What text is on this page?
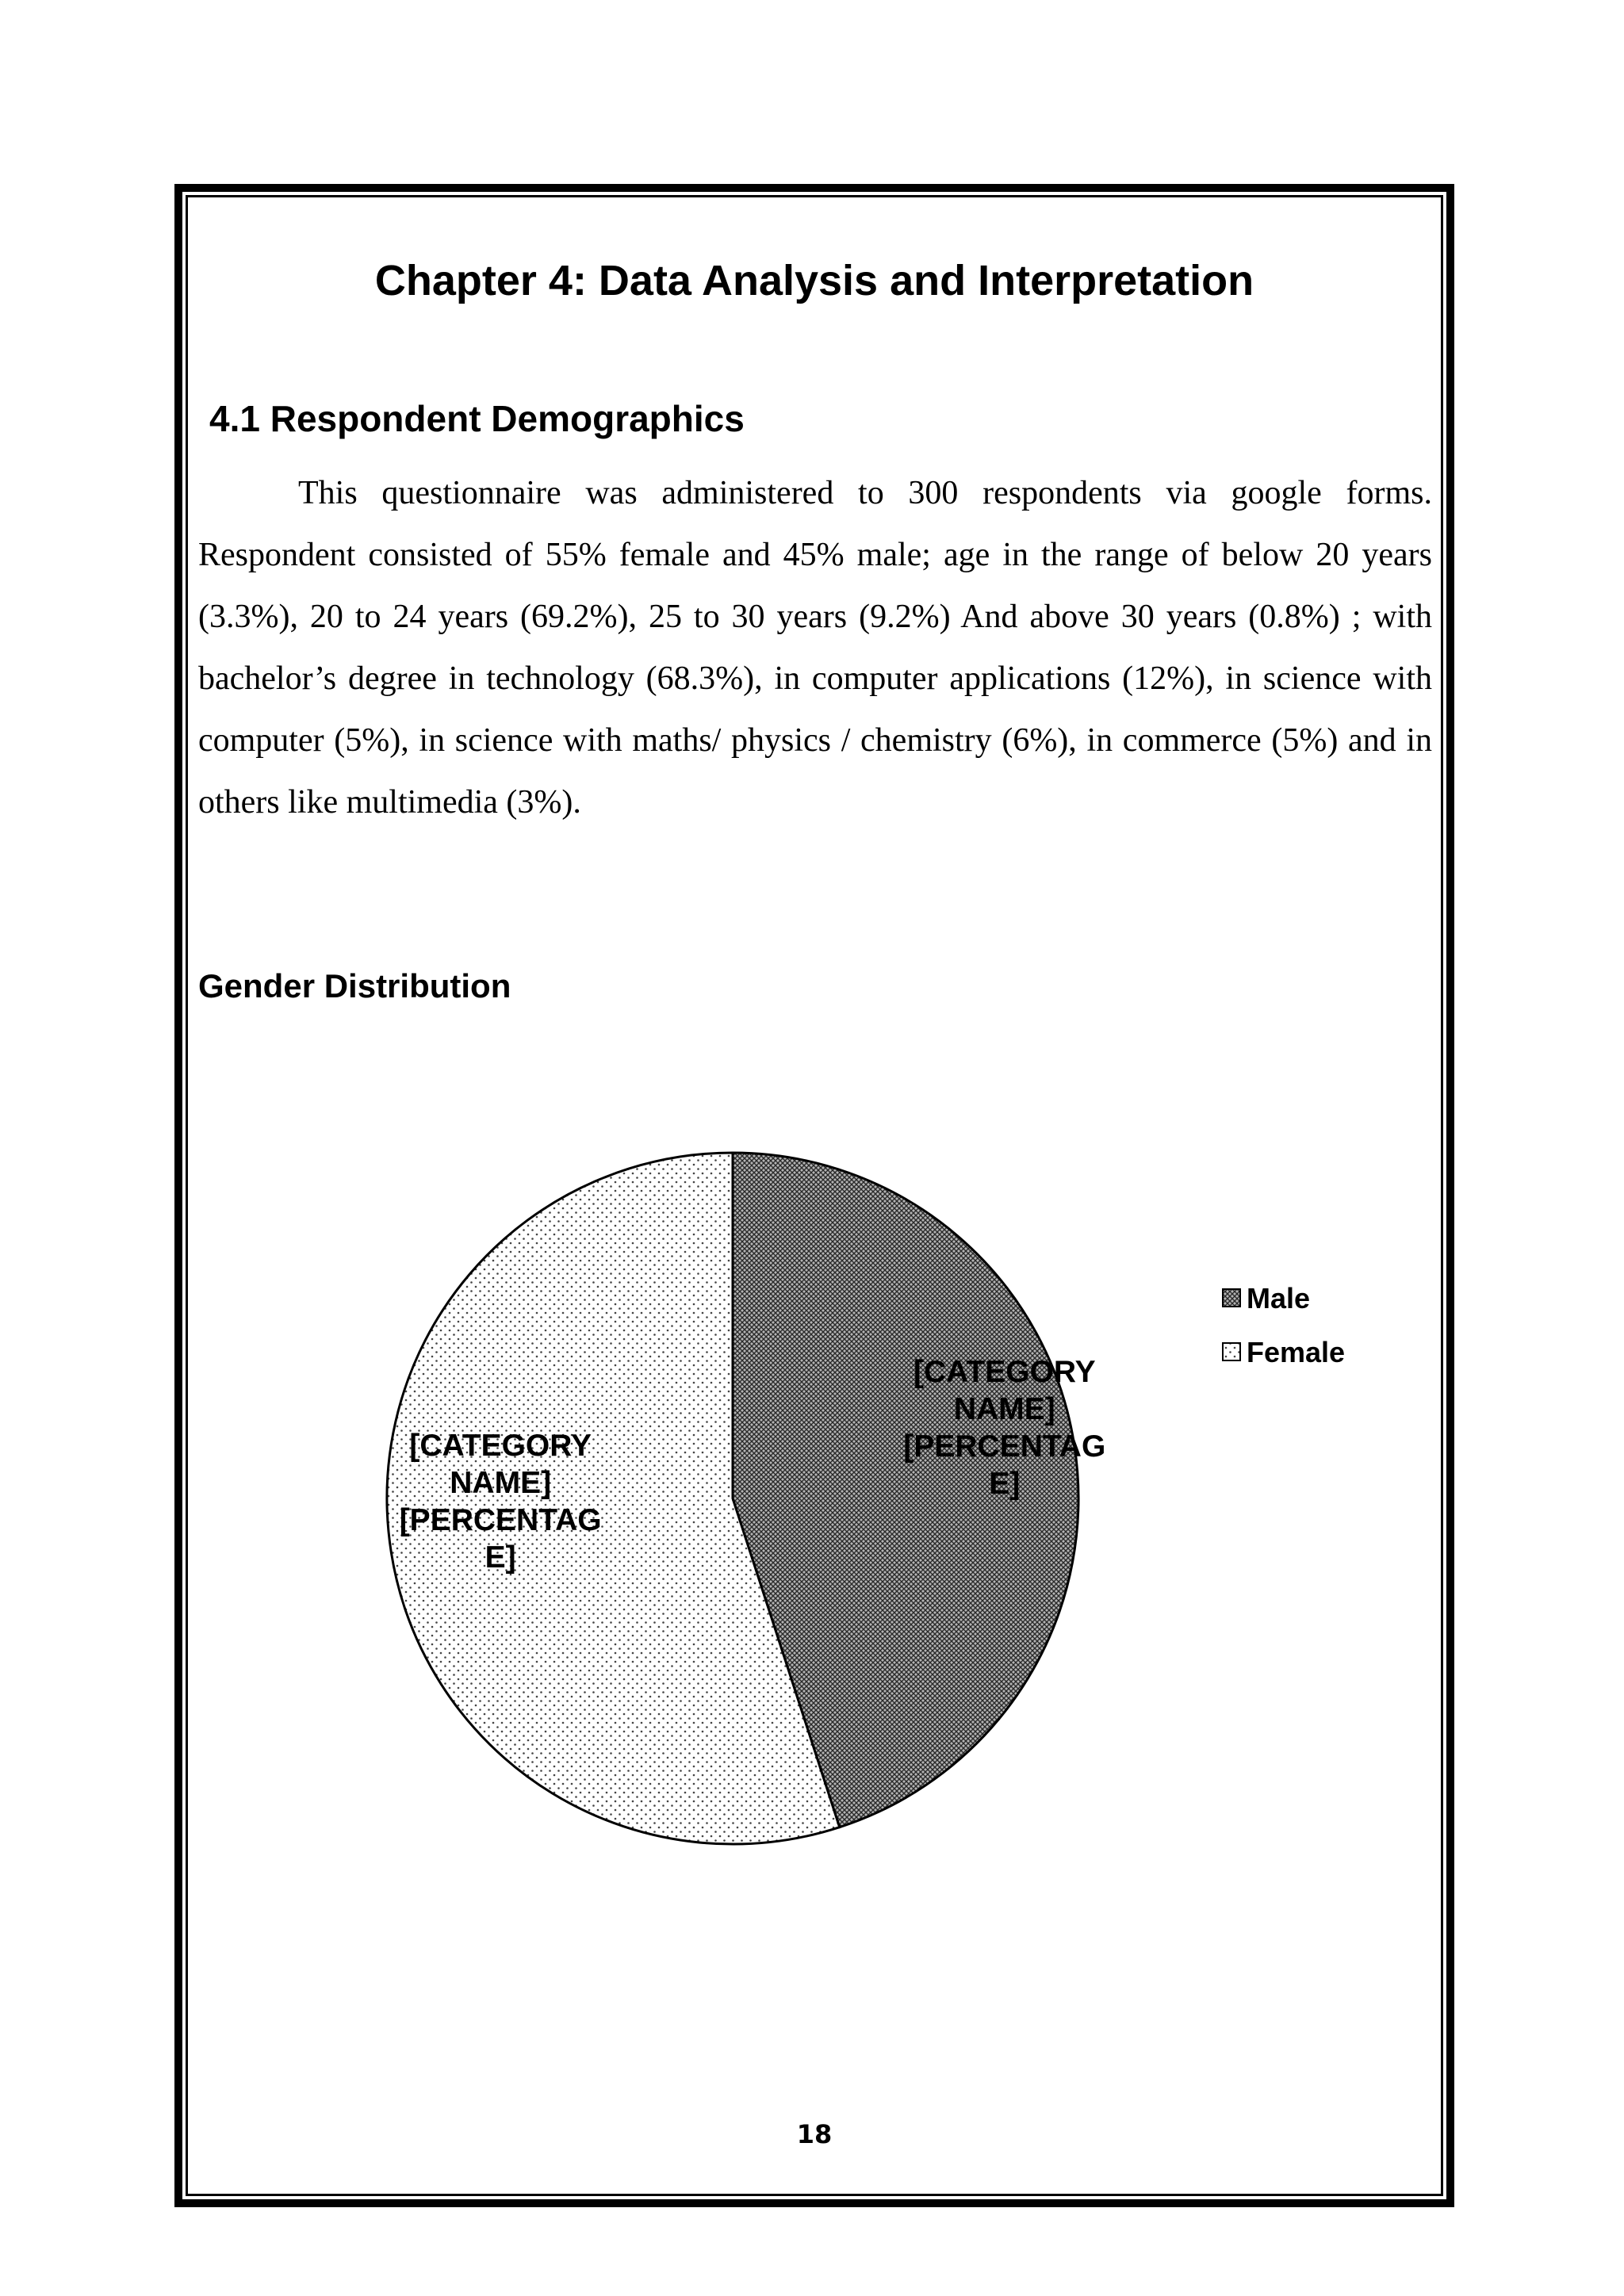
Chapter 4: Data Analysis and Interpretation
4.1 Respondent Demographics

This questionnaire was administered to 300 respondents via google forms. Respondent consisted of 55% female and 45% male; age in the range of below 20 years (3.3%), 20 to 24 years (69.2%), 25 to 30 years (9.2%) And above 30 years (0.8%) ; with bachelor’s degree in technology (68.3%), in computer applications (12%), in science with computer (5%), in science with maths/ physics / chemistry (6%), in commerce (5%) and in others like multimedia (3%).

Gender Distribution
[CATEGORY NAME] [PERCENTAG E]
[CATEGORY NAME] [PERCENTAG E]
Male
Female
18
